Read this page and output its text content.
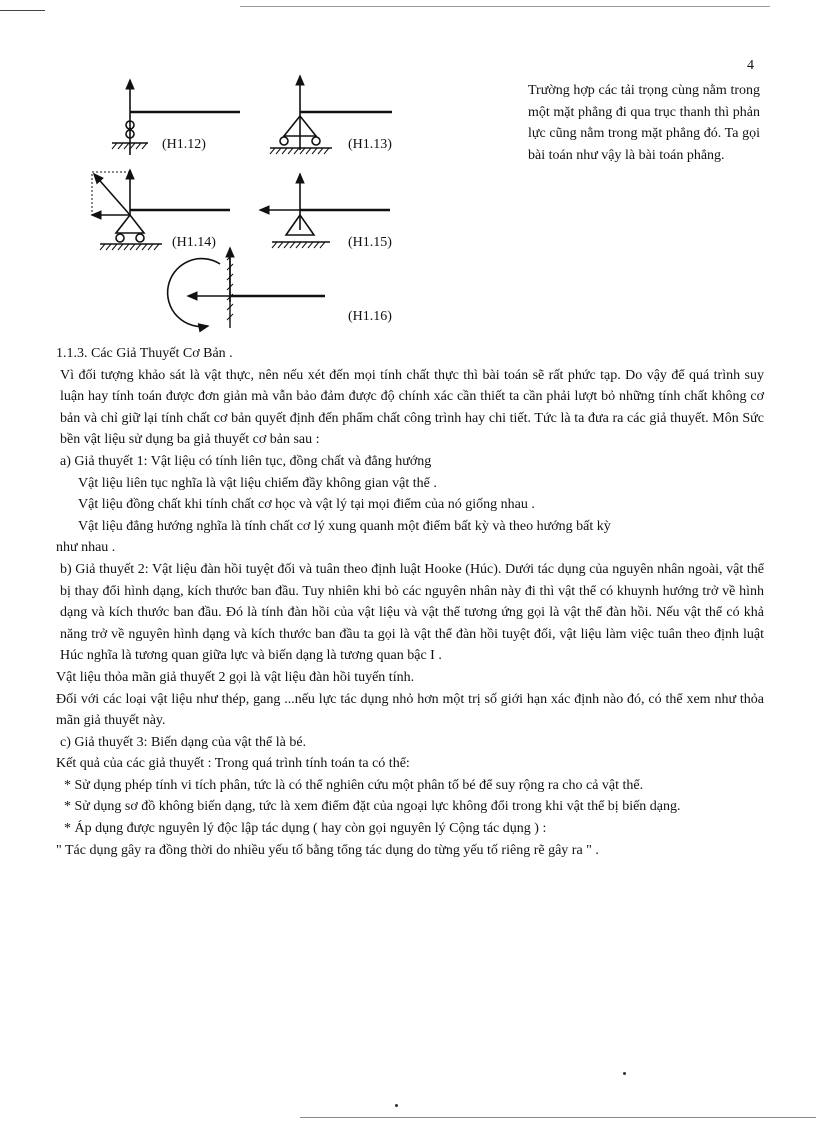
4
(H1.12)	(H1.13)
(H1.14)	(H1.15)
(H1.16)
Trường hợp các tải trọng cùng nằm trong một mặt phẳng đi qua trục thanh thì phản lực cũng nằm trong mặt phẳng đó. Ta gọi bài toán như vậy là bài toán phẳng.

1.1.3. Các Giả Thuyết Cơ Bản .

Vì đối tượng khảo sát là vật thực, nên nếu xét đến mọi tính chất thực thì bài toán sẽ rất phức tạp. Do vậy để quá trình suy luận hay tính toán được đơn giản mà vẫn bảo đảm được độ chính xác cần thiết ta cần phải lượt bỏ những tính chất không cơ bản và chỉ giữ lại tính chất cơ bản quyết định đến phẩm chất công trình hay chi tiết. Tức là ta đưa ra các giả thuyết. Môn Sức bền vật liệu sử dụng ba giả thuyết cơ bản sau :

a) Giả thuyết 1: Vật liệu có tính liên tục, đồng chất và đẳng hướng

Vật liệu liên tục nghĩa là vật liệu chiếm đầy không gian vật thể .

Vật liệu đồng chất khi tính chất cơ học và vật lý tại mọi điểm của nó giống nhau .

Vật liệu đẳng hướng nghĩa là tính chất cơ lý xung quanh một điểm bất kỳ và theo hướng bất kỳ

như nhau .

b) Giả thuyết 2: Vật liệu đàn hồi tuyệt đối và tuân theo định luật Hooke (Húc). Dưới tác dụng của nguyên nhân ngoài, vật thể bị thay đổi hình dạng, kích thước ban đầu. Tuy nhiên khi bỏ các nguyên nhân này đi thì vật thể có khuynh hướng trở về hình dạng và kích thước ban đầu. Đó là tính đàn hồi của vật liệu và vật thể tương ứng gọi là vật thể đàn hồi. Nếu vật thể có khả năng trở về nguyên hình dạng và kích thước ban đầu ta gọi là vật thể đàn hồi tuyệt đối, vật liệu làm việc tuân theo định luật Húc nghĩa là tương quan giữa lực và biến dạng là tương quan bậc I .

Vật liệu thỏa mãn giả thuyết 2 gọi là vật liệu đàn hồi tuyến tính.

Đối với các loại vật liệu như thép, gang ...nếu lực tác dụng nhỏ hơn một trị số giới hạn xác định nào đó, có thể xem như thỏa mãn giả thuyết này.

c) Giả thuyết 3: Biến dạng của vật thể là bé.

Kết quả của các giả thuyết : Trong quá trình tính toán ta có thể:

* Sử dụng phép tính vi tích phân, tức là có thể nghiên cứu một phân tố bé để suy rộng ra cho cả vật thể.

* Sử dụng sơ đồ không biến dạng, tức là xem điểm đặt của ngoại lực không đổi trong khi vật thể bị biến dạng.

* Áp dụng được nguyên lý độc lập tác dụng ( hay còn gọi nguyên lý Cộng tác dụng ) :

" Tác dụng gây ra đồng thời do nhiều yếu tố bằng tổng tác dụng do từng yếu tố riêng rẽ gây ra " .
